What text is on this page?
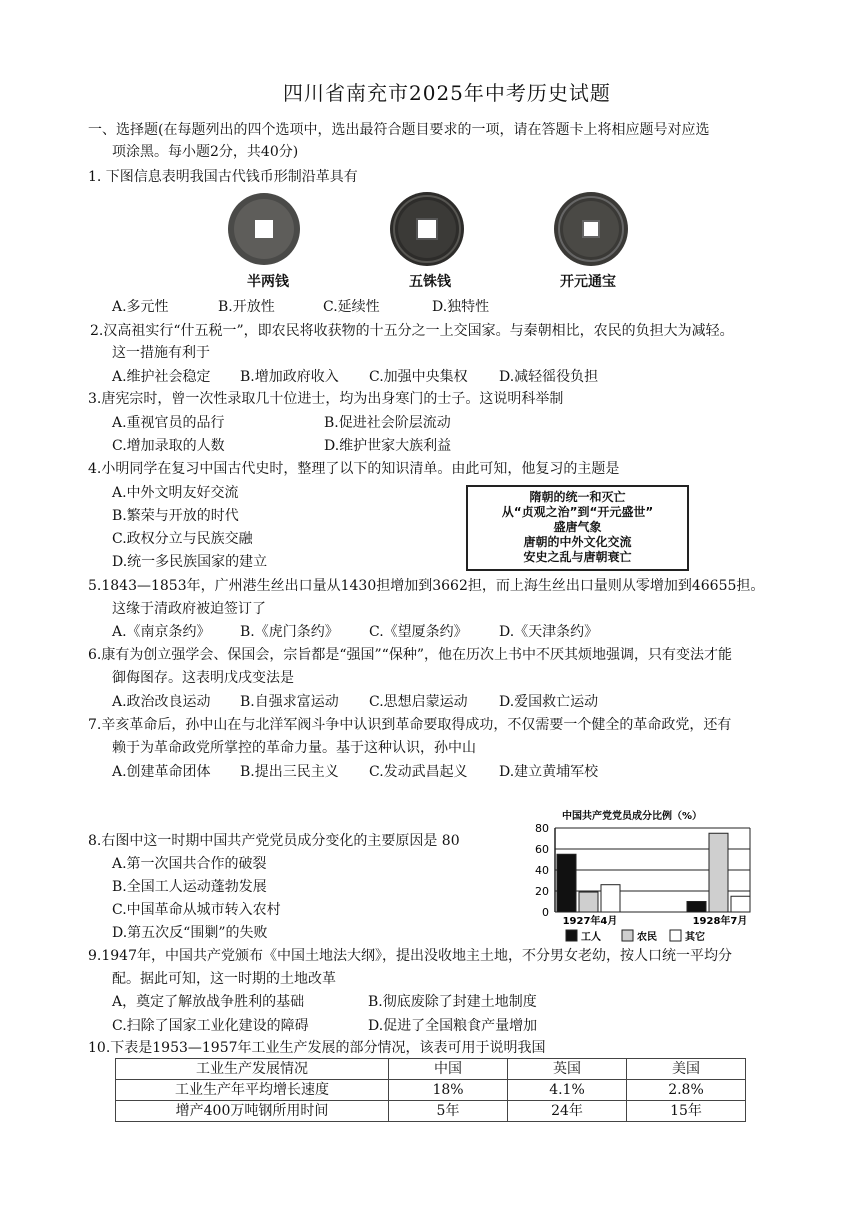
四川省南充市2025年中考历史试题
一、选择题(在每题列出的四个选项中，选出最符合题目要求的一项，请在答题卡上将相应题号对应选
项涂黑。每小题2分，共40分)
1. 下图信息表明我国古代钱币形制沿革具有
半两钱	五铢钱	开元通宝
A.多元性	B.开放性	C.延续性	D.独特性
2.汉高祖实行“什五税一”，即农民将收获物的十五分之一上交国家。与秦朝相比，农民的负担大为减轻。
这一措施有利于
A.维护社会稳定 B.增加政府收入 C.加强中央集权 D.减轻徭役负担
3.唐宪宗时，曾一次性录取几十位进士，均为出身寒门的士子。这说明科举制
A.重视官员的品行	B.促进社会阶层流动
C.增加录取的人数	D.维护世家大族利益
4.小明同学在复习中国古代史时，整理了以下的知识清单。由此可知，他复习的主题是
A.中外文明友好交流
B.繁荣与开放的时代
C.政权分立与民族交融
D.统一多民族国家的建立
隋朝的统一和灭亡
从“贞观之治”到“开元盛世”
盛唐气象
唐朝的中外文化交流
安史之乱与唐朝衰亡
5.1843—1853年，广州港生丝出口量从1430担增加到3662担，而上海生丝出口量则从零增加到46655担。
这缘于清政府被迫签订了
A.《南京条约》 B.《虎门条约》 C.《望厦条约》 D.《天津条约》
6.康有为创立强学会、保国会，宗旨都是“强国”“保种”，他在历次上书中不厌其烦地强调，只有变法才能
御侮图存。这表明戊戌变法是
A.政治改良运动 B.自强求富运动 C.思想启蒙运动 D.爱国救亡运动
7.辛亥革命后，孙中山在与北洋军阀斗争中认识到革命要取得成功，不仅需要一个健全的革命政党，还有
赖于为革命政党所掌控的革命力量。基于这种认识，孙中山
A.创建革命团体 B.提出三民主义 C.发动武昌起义 D.建立黄埔军校
8.右图中这一时期中国共产党党员成分变化的主要原因是 80
A.第一次国共合作的破裂
B.全国工人运动蓬勃发展
C.中国革命从城市转入农村
D.第五次反“围剿”的失败
中国共产党党员成分比例（%）
0
20
40
60
80
1927年4月	1928年7月
工人	农民	其它
9.1947年，中国共产党颁布《中国土地法大纲》，提出没收地主土地，不分男女老幼，按人口统一平均分
配。据此可知，这一时期的土地改革
A，奠定了解放战争胜利的基础	B.彻底废除了封建土地制度
C.扫除了国家工业化建设的障碍	D.促进了全国粮食产量增加
10.下表是1953—1957年工业生产发展的部分情况，该表可用于说明我国
工业生产发展情况	中国	英国	美国
工业生产年平均增长速度	18%	4.1%	2.8%
增产400万吨钢所用时间	5年	24年	15年
